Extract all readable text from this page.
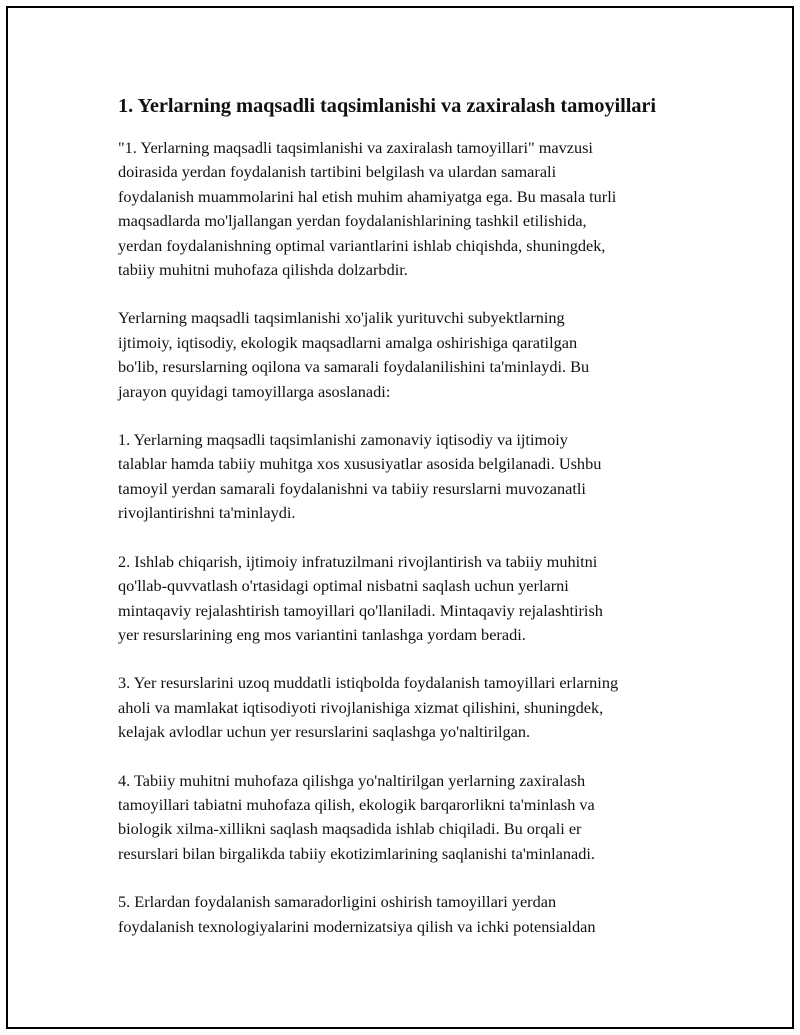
1. Yerlarning maqsadli taqsimlanishi va zaxiralash tamoyillari

"1. Yerlarning maqsadli taqsimlanishi va zaxiralash tamoyillari" mavzusi
doirasida yerdan foydalanish tartibini belgilash va ulardan samarali
foydalanish muammolarini hal etish muhim ahamiyatga ega. Bu masala turli
maqsadlarda mo'ljallangan yerdan foydalanishlarining tashkil etilishida,
yerdan foydalanishning optimal variantlarini ishlab chiqishda, shuningdek,
tabiiy muhitni muhofaza qilishda dolzarbdir.

Yerlarning maqsadli taqsimlanishi xo'jalik yurituvchi subyektlarning
ijtimoiy, iqtisodiy, ekologik maqsadlarni amalga oshirishiga qaratilgan
bo'lib, resurslarning oqilona va samarali foydalanilishini ta'minlaydi. Bu
jarayon quyidagi tamoyillarga asoslanadi:

1. Yerlarning maqsadli taqsimlanishi zamonaviy iqtisodiy va ijtimoiy
talablar hamda tabiiy muhitga xos xususiyatlar asosida belgilanadi. Ushbu
tamoyil yerdan samarali foydalanishni va tabiiy resurslarni muvozanatli
rivojlantirishni ta'minlaydi.

2. Ishlab chiqarish, ijtimoiy infratuzilmani rivojlantirish va tabiiy muhitni
qo'llab-quvvatlash o'rtasidagi optimal nisbatni saqlash uchun yerlarni
mintaqaviy rejalashtirish tamoyillari qo'llaniladi. Mintaqaviy rejalashtirish
yer resurslarining eng mos variantini tanlashga yordam beradi.

3. Yer resurslarini uzoq muddatli istiqbolda foydalanish tamoyillari erlarning
aholi va mamlakat iqtisodiyoti rivojlanishiga xizmat qilishini, shuningdek,
kelajak avlodlar uchun yer resurslarini saqlashga yo'naltirilgan.

4. Tabiiy muhitni muhofaza qilishga yo'naltirilgan yerlarning zaxiralash
tamoyillari tabiatni muhofaza qilish, ekologik barqarorlikni ta'minlash va
biologik xilma-xillikni saqlash maqsadida ishlab chiqiladi. Bu orqali er
resurslari bilan birgalikda tabiiy ekotizimlarining saqlanishi ta'minlanadi.

5. Erlardan foydalanish samaradorligini oshirish tamoyillari yerdan
foydalanish texnologiyalarini modernizatsiya qilish va ichki potensialdan
